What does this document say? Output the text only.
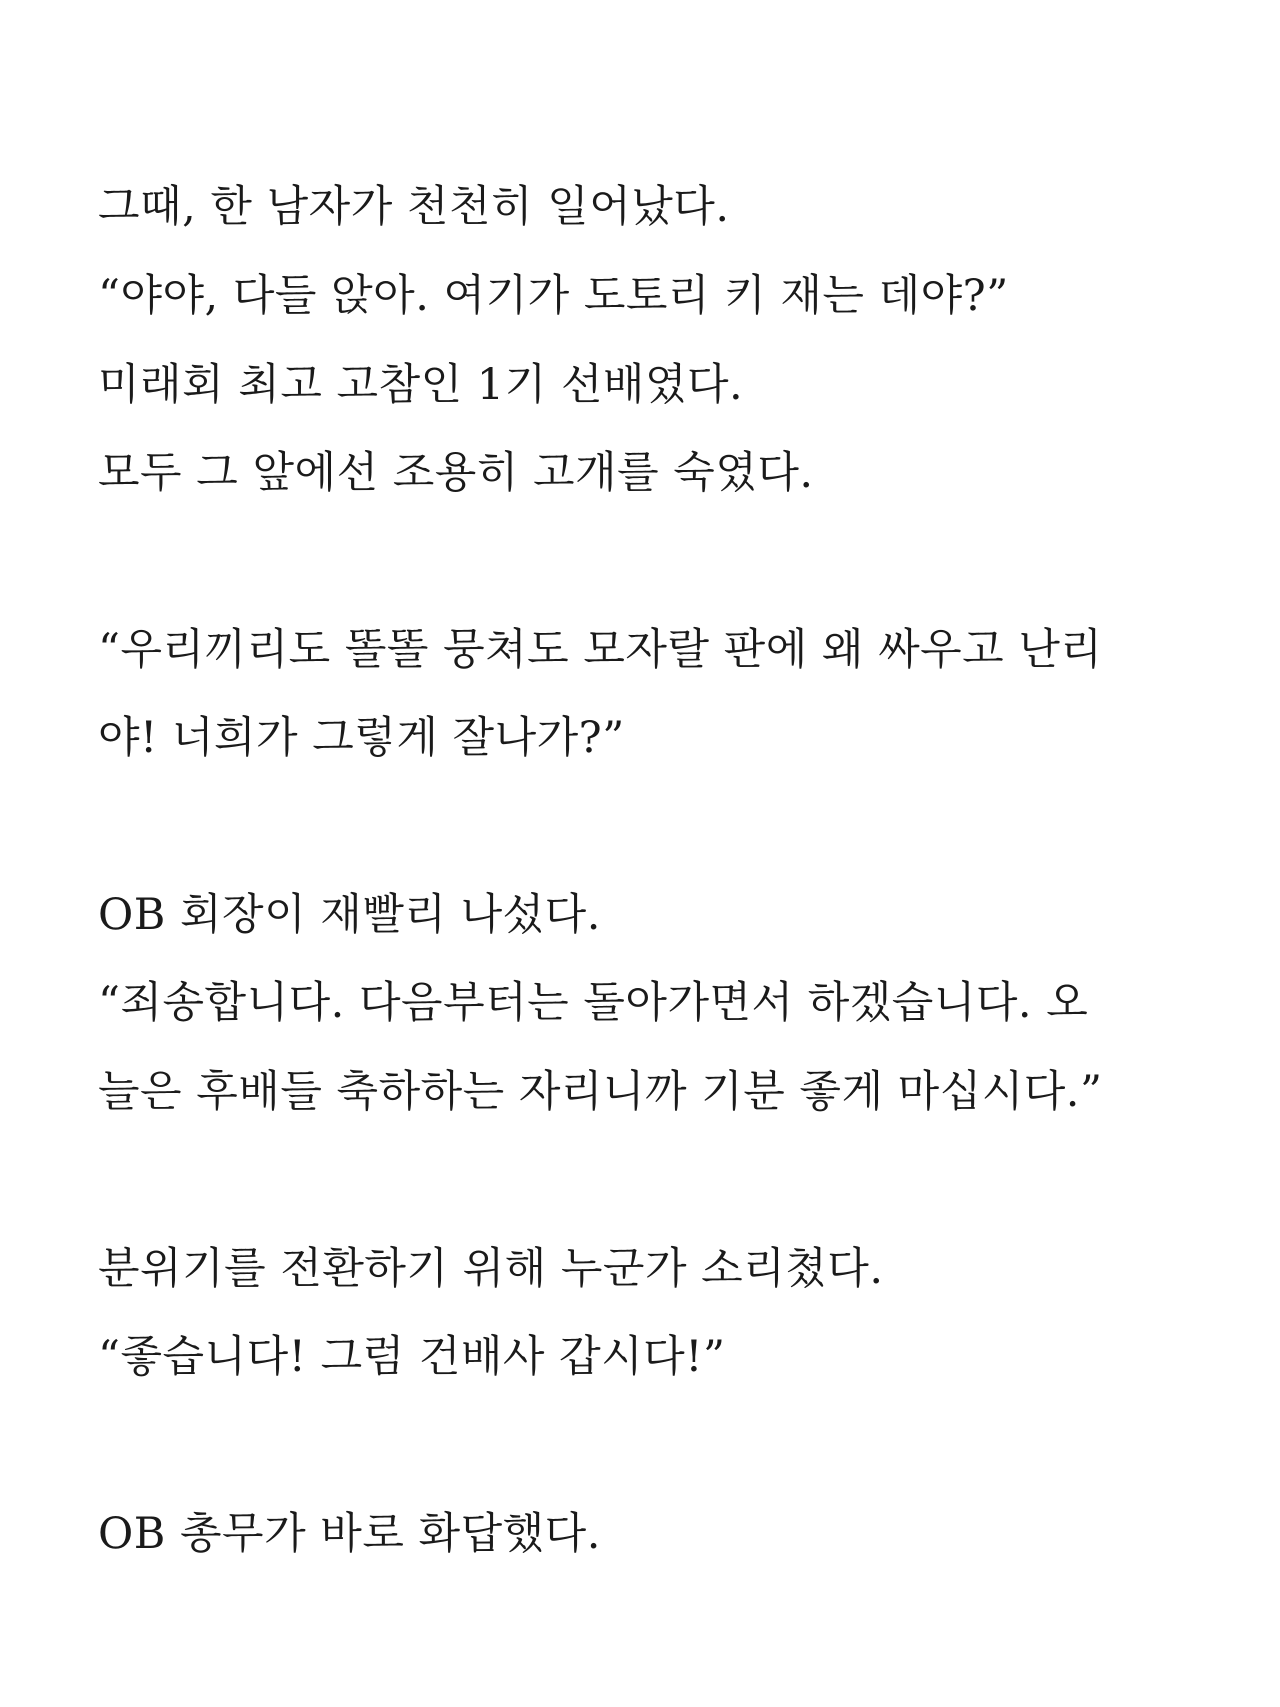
그때, 한 남자가 천천히 일어났다.

“야야, 다들 앉아. 여기가 도토리 키 재는 데야?”

미래회 최고 고참인 1기 선배였다.

모두 그 앞에선 조용히 고개를 숙였다.

“우리끼리도 똘똘 뭉쳐도 모자랄 판에 왜 싸우고 난리

야! 너희가 그렇게 잘나가?”

OB 회장이 재빨리 나섰다.

“죄송합니다. 다음부터는 돌아가면서 하겠습니다. 오

늘은 후배들 축하하는 자리니까 기분 좋게 마십시다.”

분위기를 전환하기 위해 누군가 소리쳤다.

“좋습니다! 그럼 건배사 갑시다!”

OB 총무가 바로 화답했다.
